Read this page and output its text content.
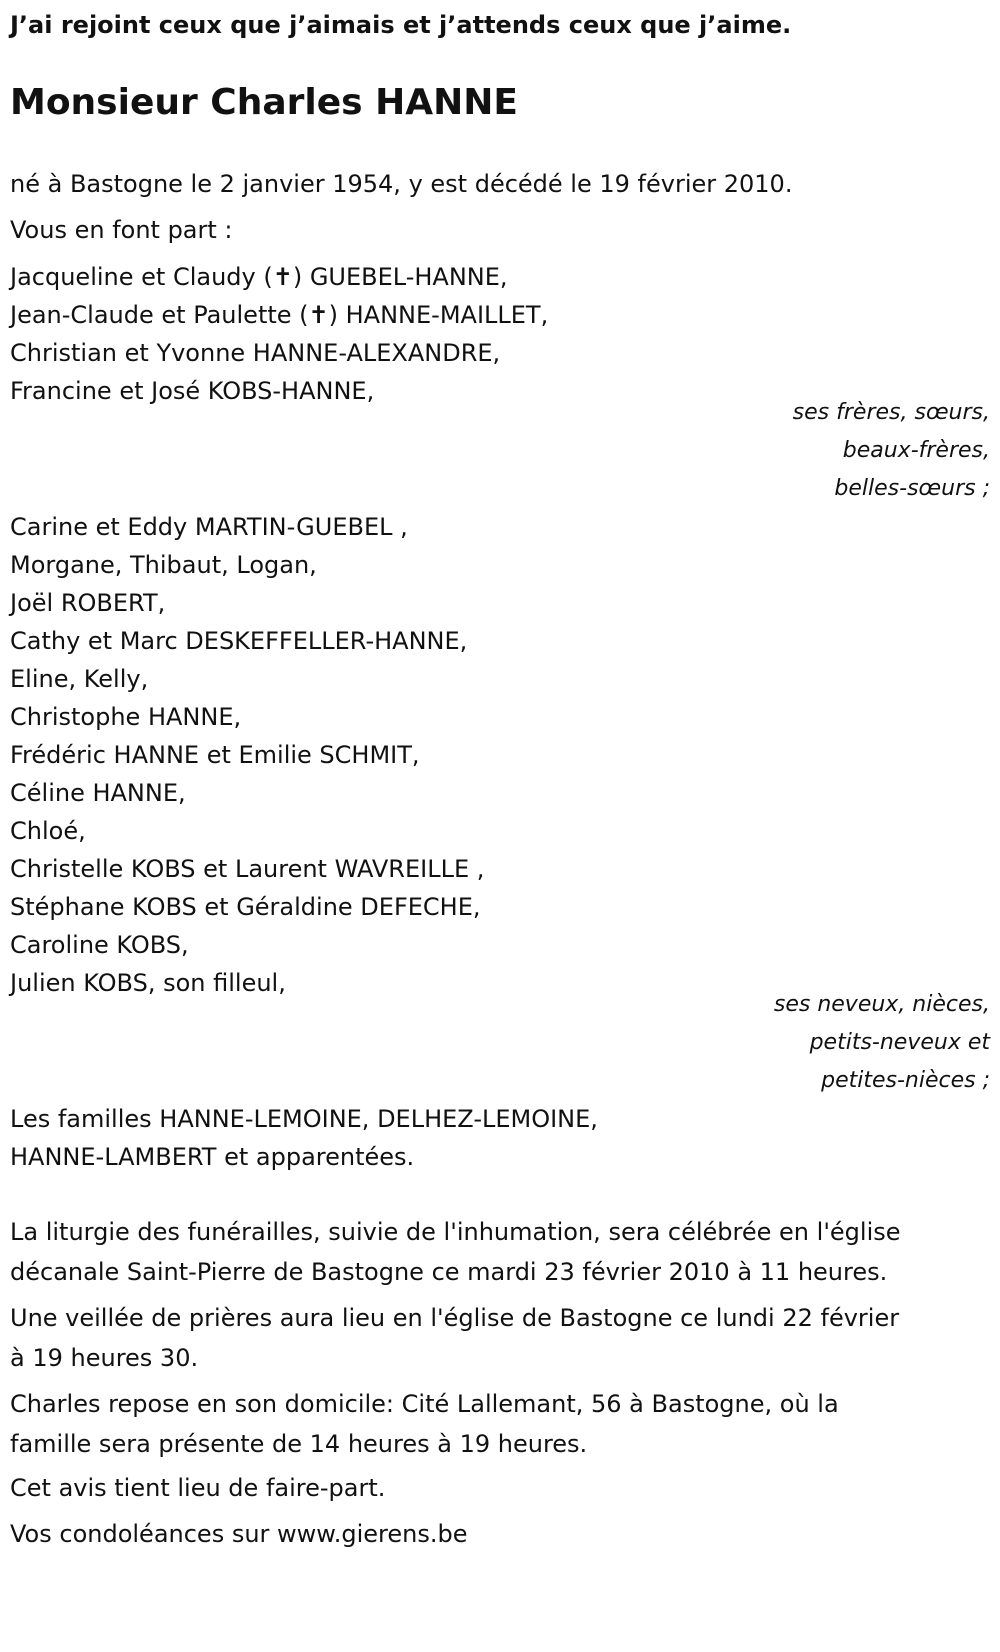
J’ai rejoint ceux que j’aimais et j’attends ceux que j’aime.
Monsieur Charles HANNE
né à Bastogne le 2 janvier 1954, y est décédé le 19 février 2010.
Vous en font part :
Jacqueline et Claudy (✝) GUEBEL-HANNE,
Jean-Claude et Paulette (✝) HANNE-MAILLET,
Christian et Yvonne HANNE-ALEXANDRE,
Francine et José KOBS-HANNE,
ses frères, sœurs,
beaux-frères,
belles-sœurs ;
Carine et Eddy MARTIN-GUEBEL ,
Morgane, Thibaut, Logan,
Joël ROBERT,
Cathy et Marc DESKEFFELLER-HANNE,
Eline, Kelly,
Christophe HANNE,
Frédéric HANNE et Emilie SCHMIT,
Céline HANNE,
Chloé,
Christelle KOBS et Laurent WAVREILLE ,
Stéphane KOBS et Géraldine DEFECHE,
Caroline KOBS,
Julien KOBS, son filleul,
ses neveux, nièces,
petits-neveux et
petites-nièces ;
Les familles HANNE-LEMOINE, DELHEZ-LEMOINE,
HANNE-LAMBERT et apparentées.
La liturgie des funérailles, suivie de l'inhumation, sera célébrée en l'église
décanale Saint-Pierre de Bastogne ce mardi 23 février 2010 à 11 heures.
Une veillée de prières aura lieu en l'église de Bastogne ce lundi 22 février
à 19 heures 30.
Charles repose en son domicile: Cité Lallemant, 56 à Bastogne, où la
famille sera présente de 14 heures à 19 heures.
Cet avis tient lieu de faire-part.
Vos condoléances sur www.gierens.be
